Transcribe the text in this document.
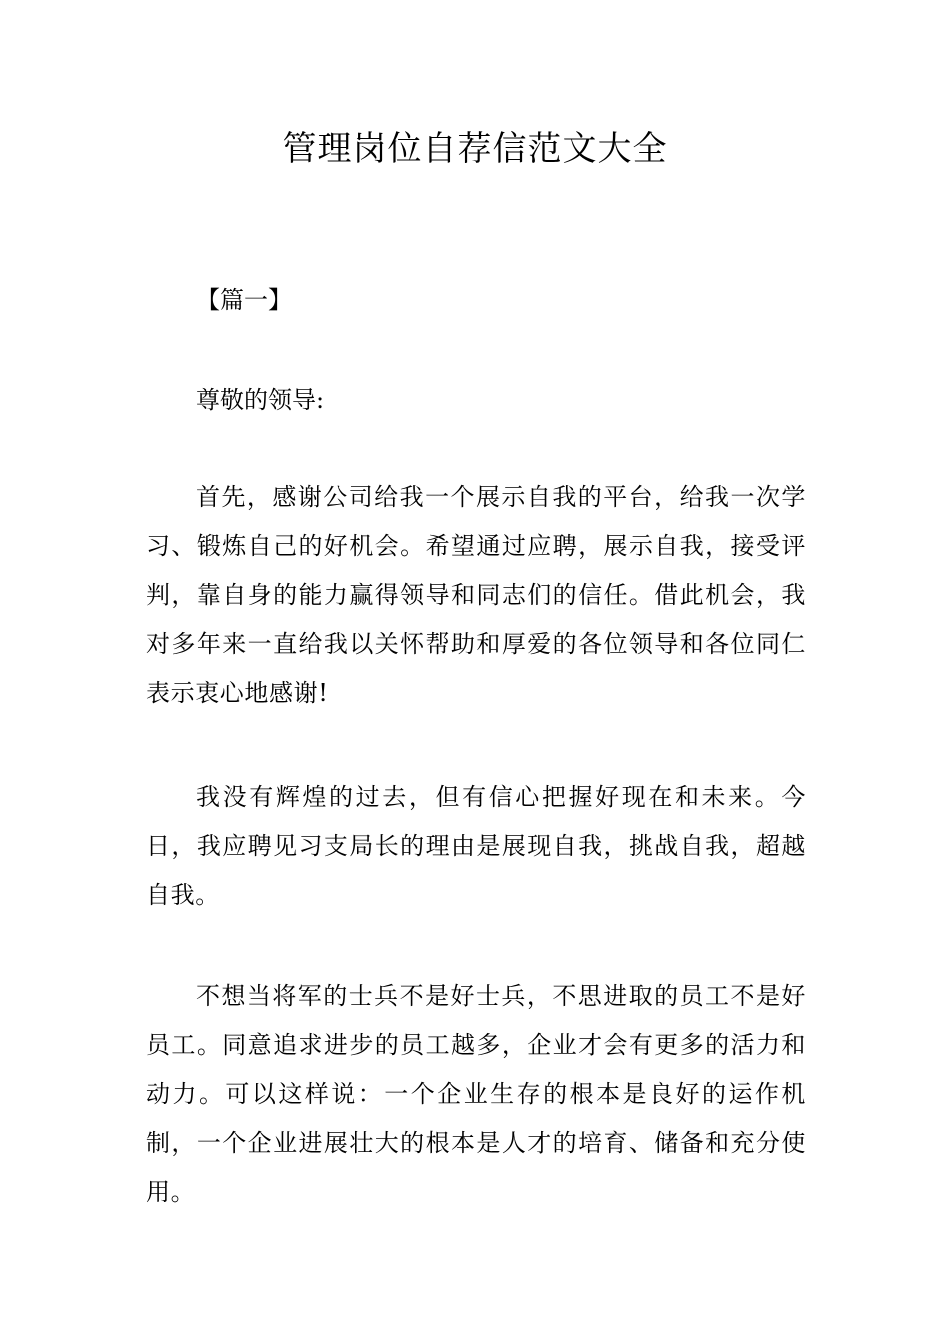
管理岗位自荐信范文大全

【篇一】

尊敬的领导:

首先，感谢公司给我一个展示自我的平台，给我一次学习、锻炼自己的好机会。希望通过应聘，展示自我，接受评判，靠自身的能力赢得领导和同志们的信任。借此机会，我对多年来一直给我以关怀帮助和厚爱的各位领导和各位同仁表示衷心地感谢!

我没有辉煌的过去，但有信心把握好现在和未来。今日，我应聘见习支局长的理由是展现自我，挑战自我，超越自我。

不想当将军的士兵不是好士兵，不思进取的员工不是好员工。同意追求进步的员工越多，企业才会有更多的活力和动力。可以这样说：一个企业生存的根本是良好的运作机制，一个企业进展壮大的根本是人才的培育、储备和充分使用。
